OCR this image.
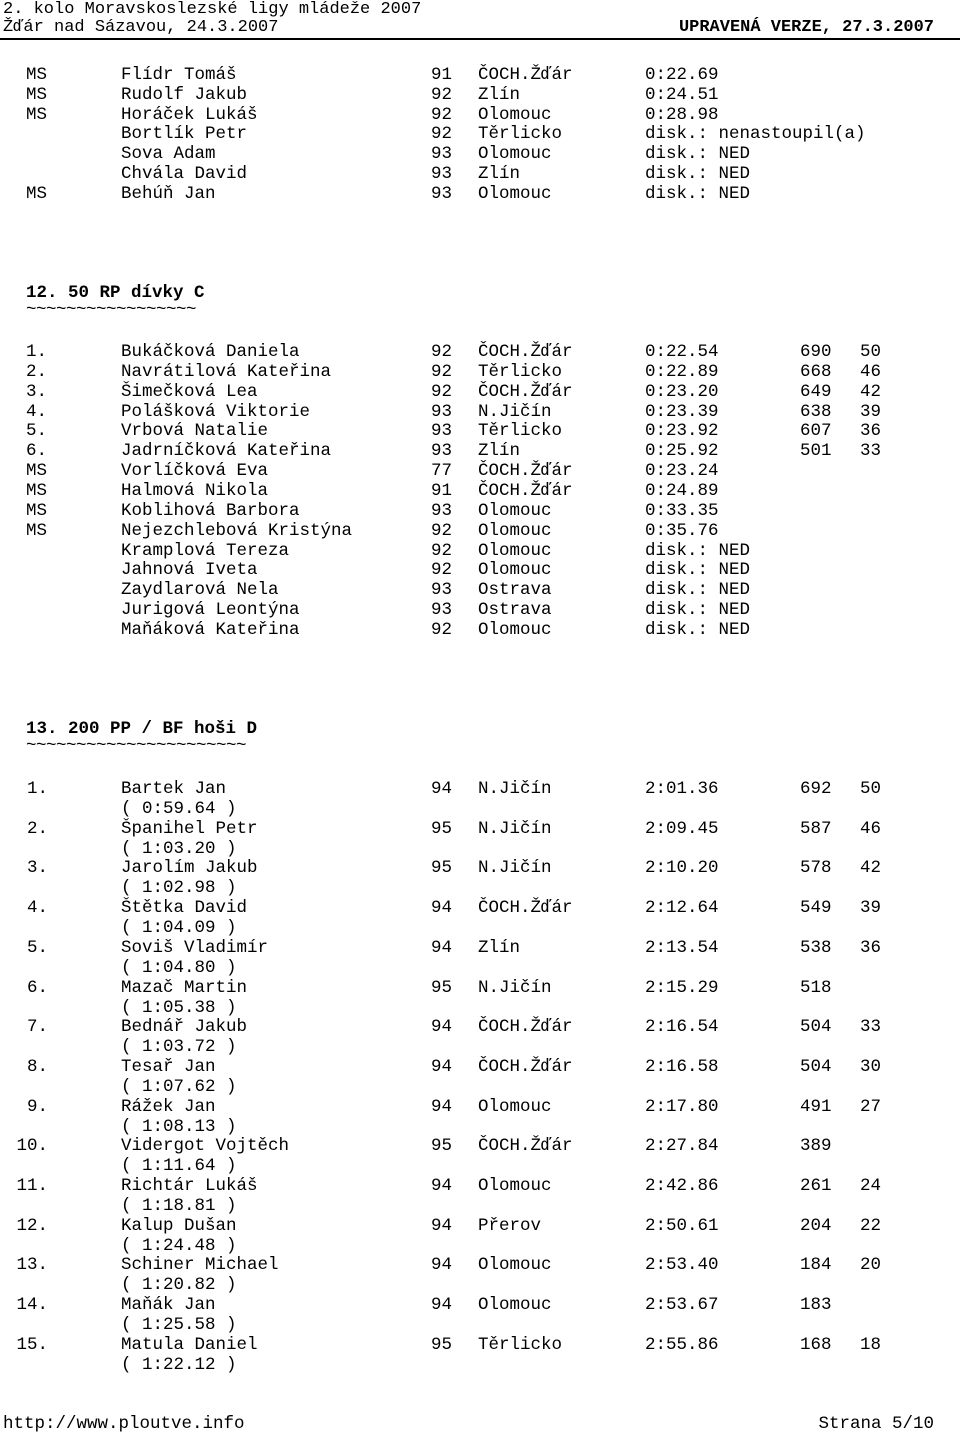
2. kolo Moravskoslezské ligy mládeže 2007
Žďár nad Sázavou, 24.3.2007	UPRAVENÁ VERZE, 27.3.2007
MS	Flídr Tomáš	91 ČOCH.Žďár	0:22.69
MS	Rudolf Jakub	92 Zlín	0:24.51
MS	Horáček Lukáš	92 Olomouc	0:28.98
Bortlík Petr	92 Těrlicko	disk.: nenastoupil(a)
Sova Adam	93 Olomouc	disk.: NED
Chvála David	93 Zlín	disk.: NED
MS	Behúň Jan	93 Olomouc	disk.: NED
12. 50 RP dívky C
~~~~~~~~~~~~~~~~~
1.	Bukáčková Daniela	92 ČOCH.Žďár	0:22.54	690 50
2.	Navrátilová Kateřina	92 Těrlicko	0:22.89	668 46
3.	Šimečková Lea	92 ČOCH.Žďár	0:23.20	649 42
4.	Polášková Viktorie	93 N.Jičín	0:23.39	638 39
5.	Vrbová Natalie	93 Těrlicko	0:23.92	607 36
6.	Jadrníčková Kateřina	93 Zlín	0:25.92	501 33
MS	Vorlíčková Eva	77 ČOCH.Žďár	0:23.24
MS	Halmová Nikola	91 ČOCH.Žďár	0:24.89
MS	Koblihová Barbora	93 Olomouc	0:33.35
MS	Nejezchlebová Kristýna	92 Olomouc	0:35.76
Kramplová Tereza	92 Olomouc	disk.: NED
Jahnová Iveta	92 Olomouc	disk.: NED
Zaydlarová Nela	93 Ostrava	disk.: NED
Jurigová Leontýna	93 Ostrava	disk.: NED
Maňáková Kateřina	92 Olomouc	disk.: NED
13. 200 PP / BF hoši D
~~~~~~~~~~~~~~~~~~~~~~
1.	Bartek Jan	94 N.Jičín	2:01.36	692 50
( 0:59.64 )
2.	Španihel Petr	95 N.Jičín	2:09.45	587 46
( 1:03.20 )
3.	Jarolím Jakub	95 N.Jičín	2:10.20	578 42
( 1:02.98 )
4.	Štětka David	94 ČOCH.Žďár	2:12.64	549 39
( 1:04.09 )
5.	Soviš Vladimír	94 Zlín	2:13.54	538 36
( 1:04.80 )
6.	Mazač Martin	95 N.Jičín	2:15.29	518
( 1:05.38 )
7.	Bednář Jakub	94 ČOCH.Žďár	2:16.54	504 33
( 1:03.72 )
8.	Tesař Jan	94 ČOCH.Žďár	2:16.58	504 30
( 1:07.62 )
9.	Rážek Jan	94 Olomouc	2:17.80	491 27
( 1:08.13 )
10.	Vidergot Vojtěch	95 ČOCH.Žďár	2:27.84	389
( 1:11.64 )
11.	Richtár Lukáš	94 Olomouc	2:42.86	261 24
( 1:18.81 )
12.	Kalup Dušan	94 Přerov	2:50.61	204 22
( 1:24.48 )
13.	Schiner Michael	94 Olomouc	2:53.40	184 20
( 1:20.82 )
14.	Maňák Jan	94 Olomouc	2:53.67	183
( 1:25.58 )
15.	Matula Daniel	95 Těrlicko	2:55.86	168 18
( 1:22.12 )
http://www.ploutve.info	Strana 5/10
